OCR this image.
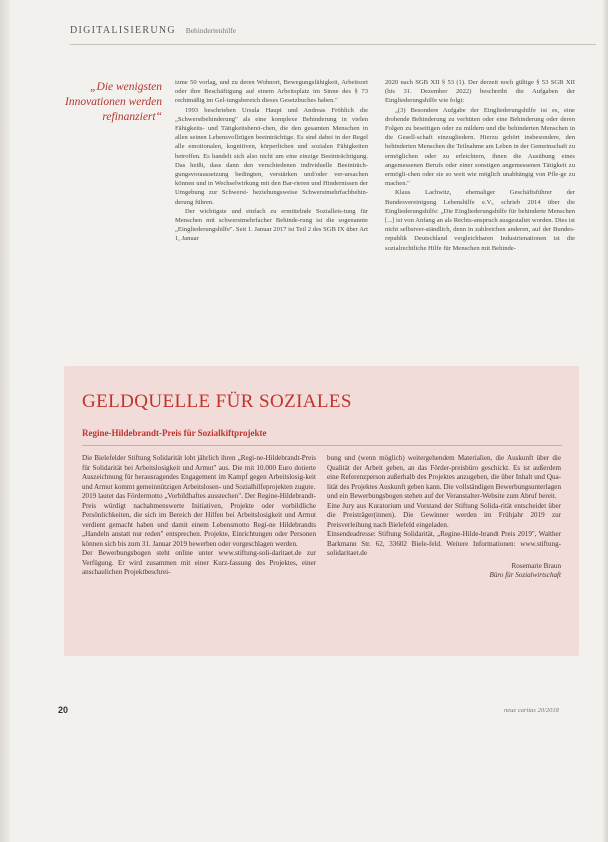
DIGITALISIERUNG Behindertenhilfe
„Die wenigsten Innovationen werden refinanziert“

izme 50 vorlag, und zu deren Wohnort, Bewegungsfähigkeit, Arbeitsort oder ihre Beschäftigung auf einem Arbeitsplatz im Sinne des § 73 rechtmäßig im Gel-tungsbereich dieses Gesetzbuches haben."

1993 beschrieben Ursula Haupt und Andreas Fröhlich die „Schwerstbehinderung" als eine komplexe Behinderung in vielen Fähigkeits- und Tätigkeitsberei-chen, die den gesamten Menschen in allen seinen Lebensvollzügen beeinträchtige. Es sind dabei in der Regel alle emotionalen, kognitiven, körperlichen und sozialen Fähigkeiten betroffen. Es handelt sich also nicht um eine einzige Beeinträchtigung. Das heißt, dass dann den verschiedenen individuelle Beeinträch-gungsvoraussetzung bedingten, verstärken und/oder ver-ursachen können und in Wechselwirkung mit den Bar-rieren und Hindernissen der Umgebung zur Schwerst- beziehungsweise Schwerstmehrfachbehin-derung führen.

Der wichtigste und einfach zu ermittelnde Sozialleis-tung für Menschen mit schwerstmehrfacher Behinde-rung ist die sogenannte „Eingliederungshilfe". Seit 1. Januar 2017 ist Teil 2 des SGB IX über Art 1, Januar

2020 nach SGB XII § 53 (1). Der derzeit noch gültige § 53 SGB XII (bis 31. Dezember 2022) beschreibt die Aufgaben der Eingliederungshilfe wie folgt:

„(3) Besondere Aufgabe der Eingliederungshilfe ist es, eine drohende Behinderung zu verhüten oder eine Behinderung oder deren Folgen zu beseitigen oder zu mildern und die behinderten Menschen in die Gesell-schaft einzugliedern. Hierzu gehört insbesondere, den behinderten Menschen die Teilnahme am Leben in der Gemeinschaft zu ermöglichen oder zu erleichtern, ihnen die Ausübung eines angemessenen Berufs oder einer sonstigen angemessenen Tätigkeit zu ermögli-chen oder sie so weit wie möglich unabhängig von Pfle-ge zu machen."

Klaus Lachwitz, ehemaliger Geschäftsführer der Bundesvereinigung Lebenshilfe e.V., schrieb 2014 über die Eingliederungshilfe: „Die Eingliederungshilfe für behinderte Menschen [...] ist von Anfang an als Rechts-anspruch ausgestaltet worden. Dies ist nicht selbstver-ständlich, denn in zahlreichen anderen, auf der Bundes-republik Deutschland vergleichbaren Industrienationen ist die sozialrechtliche Hilfe für Menschen mit Behinde-

GELDQUELLE FÜR SOZIALES
Regine-Hildebrandt-Preis für Sozialkiftprojekte

Die Bielefelder Stiftung Solidarität lobt jährlich ihren „Regi-ne-Hildebrandt-Preis für Solidarität bei Arbeitslosigkeit und Armut" aus. Die mit 10.000 Euro dotierte Auszeichnung für herausragendes Engagement im Kampf gegen Arbeitslosig-keit und Armut kommt gemeinnützigen Arbeitslosen- und Sozialhilfeprojekten zugute.

2019 lautet das Fördermotto „Vorbildhaftes ausstechen". Der Regine-Hildebrandt-Preis würdigt nachahmenswerte Initiativen, Projekte oder vorbildliche Persönlichkeiten, die sich im Bereich der Hilfen bei Arbeitslosigkeit und Armut verdient gemacht haben und damit einem Lebensmotto Regi-ne Hildebrandts „Handeln anstatt nur reden" entsprechen. Projekte, Einrichtungen oder Personen können sich bis zum 31. Januar 2019 bewerben oder vorgeschlagen werden.

Der Bewerbungsbogen steht online unter www.stiftung-soli-daritaet.de zur Verfügung. Er wird zusammen mit einer Kurz-fassung des Projektes, einer anschaulichen Projektbeschrei-

bung und (wenn möglich) weitergehendem Materialien, die Auskunft über die Qualität der Arbeit geben, an das Förder-preisbüro geschickt. Es ist außerdem eine Referenzperson außerhalb des Projektes anzugeben, die über Inhalt und Qua-lität des Projektes Auskunft geben kann. Die vollständigen Bewerbungsunterlagen und ein Bewerbungsbogen stehen auf der Veranstalter-Website zum Abruf bereit.

Eine Jury aus Kuratorium und Vorstand der Stiftung Solida-rität entscheidet über die Preisträger(innen). Die Gewinner werden im Frühjahr 2019 zur Preisverleihung nach Bielefeld eingeladen.

Einsendeadresse: Stiftung Solidarität, „Regine-Hilde-brandt Preis 2019", Walther Barkmann Str. 62, 33602 Biele-feld. Weitere Informationen: www.stiftung-solidaritaet.de

Rosemarie Braun
Büro für Sozialwirtschaft
20	neue caritas 20/2018
